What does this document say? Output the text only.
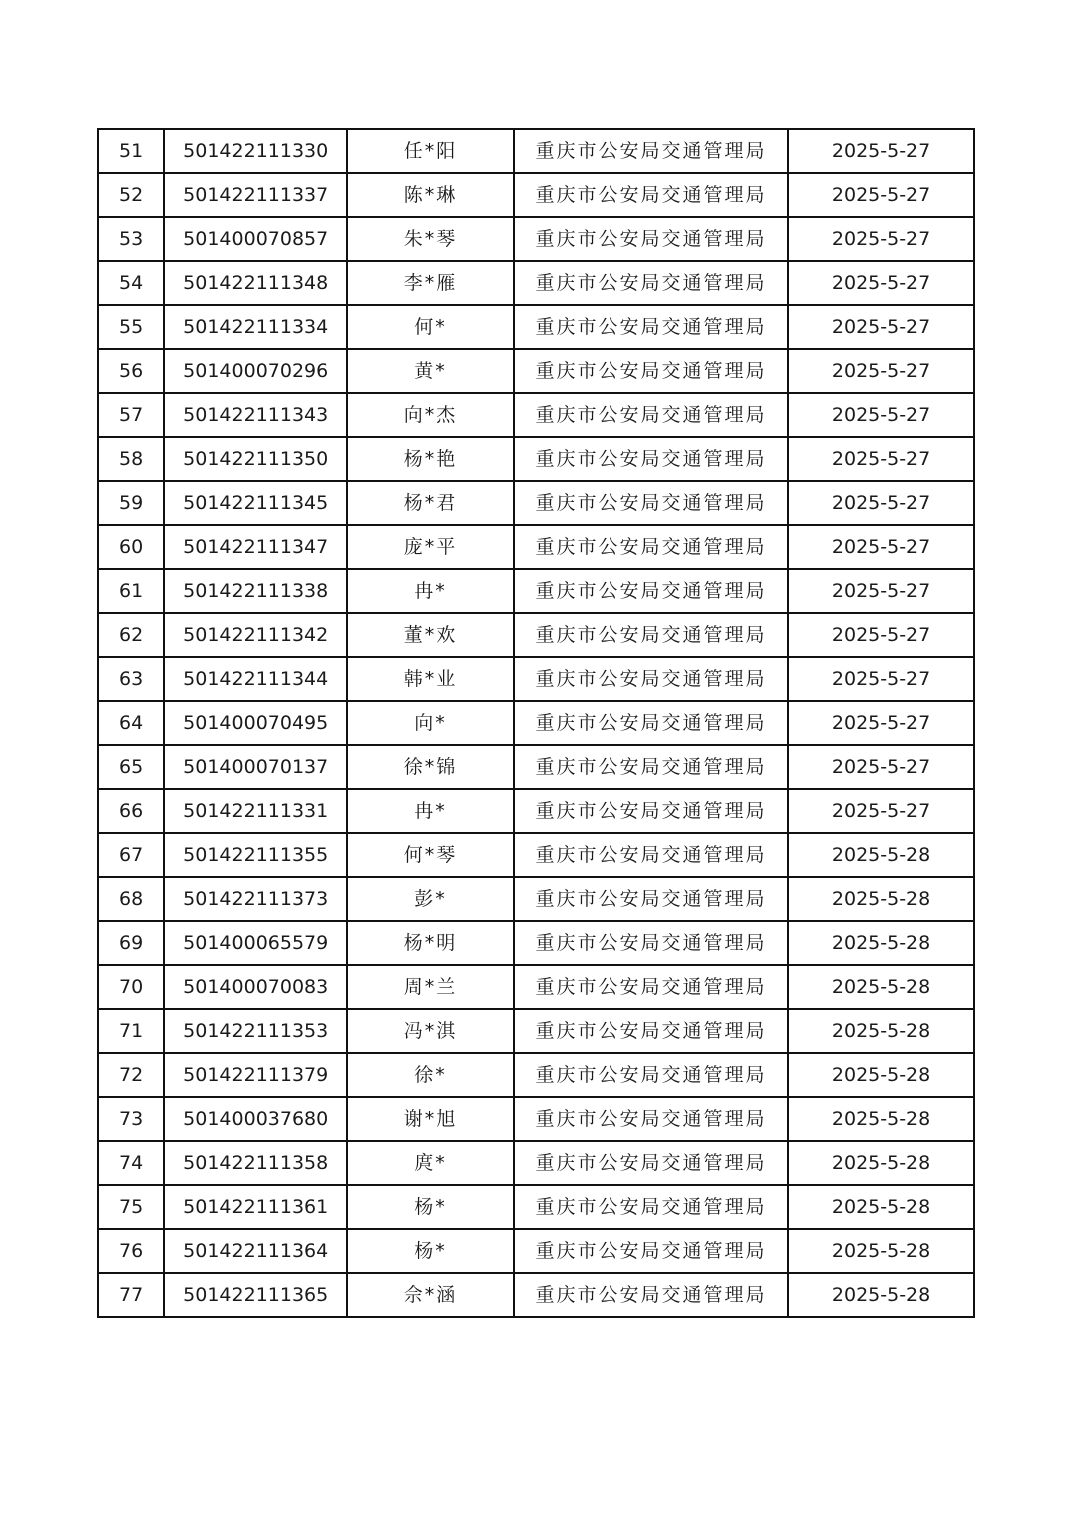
51	501422111330	任*阳	重庆市公安局交通管理局	2025-5-27
52	501422111337	陈*琳	重庆市公安局交通管理局	2025-5-27
53	501400070857	朱*琴	重庆市公安局交通管理局	2025-5-27
54	501422111348	李*雁	重庆市公安局交通管理局	2025-5-27
55	501422111334	何*	重庆市公安局交通管理局	2025-5-27
56	501400070296	黄*	重庆市公安局交通管理局	2025-5-27
57	501422111343	向*杰	重庆市公安局交通管理局	2025-5-27
58	501422111350	杨*艳	重庆市公安局交通管理局	2025-5-27
59	501422111345	杨*君	重庆市公安局交通管理局	2025-5-27
60	501422111347	庞*平	重庆市公安局交通管理局	2025-5-27
61	501422111338	冉*	重庆市公安局交通管理局	2025-5-27
62	501422111342	董*欢	重庆市公安局交通管理局	2025-5-27
63	501422111344	韩*业	重庆市公安局交通管理局	2025-5-27
64	501400070495	向*	重庆市公安局交通管理局	2025-5-27
65	501400070137	徐*锦	重庆市公安局交通管理局	2025-5-27
66	501422111331	冉*	重庆市公安局交通管理局	2025-5-27
67	501422111355	何*琴	重庆市公安局交通管理局	2025-5-28
68	501422111373	彭*	重庆市公安局交通管理局	2025-5-28
69	501400065579	杨*明	重庆市公安局交通管理局	2025-5-28
70	501400070083	周*兰	重庆市公安局交通管理局	2025-5-28
71	501422111353	冯*淇	重庆市公安局交通管理局	2025-5-28
72	501422111379	徐*	重庆市公安局交通管理局	2025-5-28
73	501400037680	谢*旭	重庆市公安局交通管理局	2025-5-28
74	501422111358	庹*	重庆市公安局交通管理局	2025-5-28
75	501422111361	杨*	重庆市公安局交通管理局	2025-5-28
76	501422111364	杨*	重庆市公安局交通管理局	2025-5-28
77	501422111365	佘*涵	重庆市公安局交通管理局	2025-5-28
